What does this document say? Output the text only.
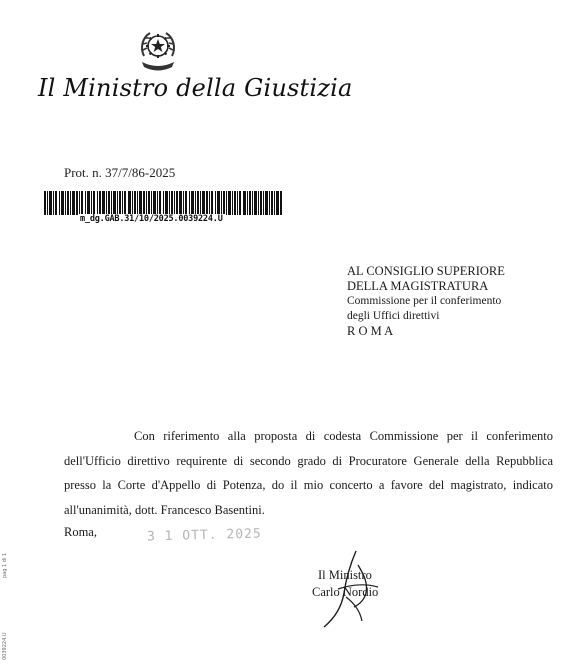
Il Ministro della Giustizia
Prot. n. 37/7/86-2025
m_dg.GAB.31/10/2025.0039224.U
AL CONSIGLIO SUPERIORE
DELLA MAGISTRATURA
Commissione per il conferimento
degli Uffici direttivi
R O M A

Con riferimento alla proposta di codesta Commissione per il conferimento dell'Ufficio direttivo requirente di secondo grado di Procuratore Generale della Repubblica presso la Corte d'Appello di Potenza, do il mio concerto a favore del magistrato, indicato all'unanimità, dott. Francesco Basentini.

Roma,	3 1 OTT. 2025
Il Ministro
Carlo Nordio
pag 1 di 1
0039224.U
